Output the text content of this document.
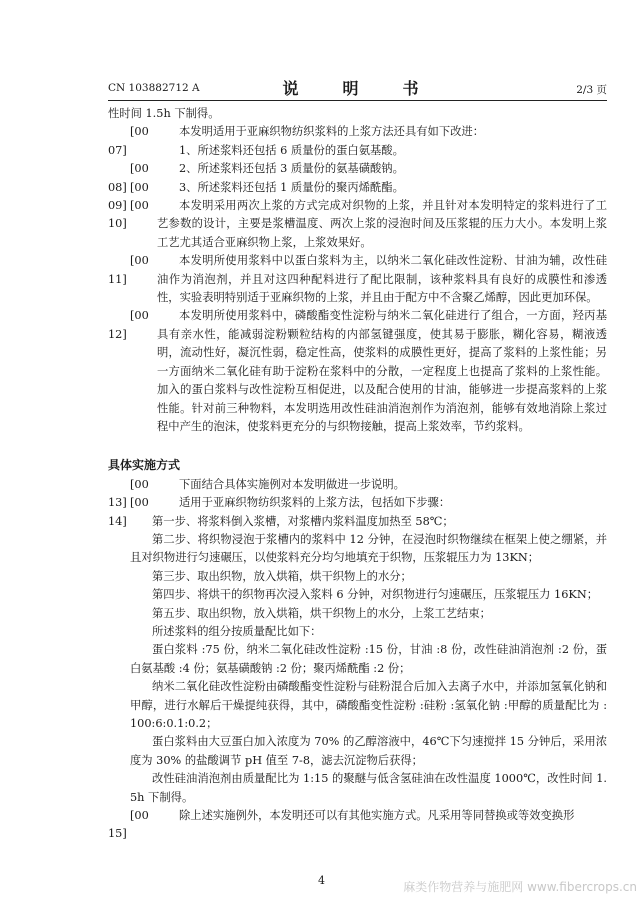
CN 103882712 A	说　明　书	2/3 页

性时间 1.5h 下制得。

[0007]
本发明适用于亚麻织物纺织浆料的上浆方法还具有如下改进：

1、所述浆料还包括 6 质量份的蛋白氨基酸。

[0008]
2、所述浆料还包括 3 质量份的氨基磺酸钠。

[0009]
3、所述浆料还包括 1 质量份的聚丙烯酰酯。

[0010]
本发明采用两次上浆的方式完成对织物的上浆，并且针对本发明特定的浆料进行了工艺参数的设计，主要是浆槽温度、两次上浆的浸泡时间及压浆辊的压力大小。本发明上浆工艺尤其适合亚麻织物上浆，上浆效果好。

[0011]
本发明所使用浆料中以蛋白浆料为主，以纳米二氧化硅改性淀粉、甘油为辅，改性硅油作为消泡剂，并且对这四种配料进行了配比限制，该种浆料具有良好的成膜性和渗透性，实验表明特别适于亚麻织物的上浆，并且由于配方中不含聚乙烯醇，因此更加环保。

[0012]
本发明所使用浆料中，磷酸酯变性淀粉与纳米二氧化硅进行了组合，一方面，羟丙基具有亲水性，能减弱淀粉颗粒结构的内部氢键强度，使其易于膨胀，糊化容易，糊液透明，流动性好，凝沉性弱，稳定性高，使浆料的成膜性更好，提高了浆料的上浆性能；另一方面纳米二氧化硅有助于淀粉在浆料中的分散，一定程度上也提高了浆料的上浆性能。加入的蛋白浆料与改性淀粉互相促进，以及配合使用的甘油，能够进一步提高浆料的上浆性能。针对前三种物料，本发明选用改性硅油消泡剂作为消泡剂，能够有效地消除上浆过程中产生的泡沫，使浆料更充分的与织物接触，提高上浆效率，节约浆料。

具体实施方式

[0013]
下面结合具体实施例对本发明做进一步说明。

[0014]
适用于亚麻织物纺织浆料的上浆方法，包括如下步骤：

第一步、将浆料倒入浆槽，对浆槽内浆料温度加热至 58℃；

第二步、将织物浸泡于浆槽内的浆料中 12 分钟，在浸泡时织物继续在框架上使之绷紧，并且对织物进行匀速碾压，以使浆料充分均匀地填充于织物，压浆辊压力为 13KN；

第三步、取出织物，放入烘箱，烘干织物上的水分；

第四步、将烘干的织物再次浸入浆料 6 分钟，对织物进行匀速碾压，压浆辊压力 16KN；

第五步、取出织物，放入烘箱，烘干织物上的水分，上浆工艺结束；

所述浆料的组分按质量配比如下：

蛋白浆料 :75 份，纳米二氧化硅改性淀粉 :15 份，甘油 :8 份，改性硅油消泡剂 :2 份，蛋白氨基酸 :4 份；氨基磺酸钠 :2 份；聚丙烯酰酯 :2 份；

纳米二氧化硅改性淀粉由磷酸酯变性淀粉与硅粉混合后加入去离子水中，并添加氢氧化钠和甲醇，进行水解后干燥提纯获得，其中，磷酸酯变性淀粉 :硅粉 :氢氧化钠 :甲醇的质量配比为 :100:6:0.1:0.2；

蛋白浆料由大豆蛋白加入浓度为 70% 的乙醇溶液中，46℃下匀速搅拌 15 分钟后，采用浓度为 30% 的盐酸调节 pH 值至 7-8，滤去沉淀物后获得；

改性硅油消泡剂由质量配比为 1:15 的聚醚与低含氢硅油在改性温度 1000℃，改性时间 1.5h 下制得。

[0015]
除上述实施例外，本发明还可以有其他实施方式。凡采用等同替换或等效变换形

4	麻类作物营养与施肥网 www.fibercrops.cn
